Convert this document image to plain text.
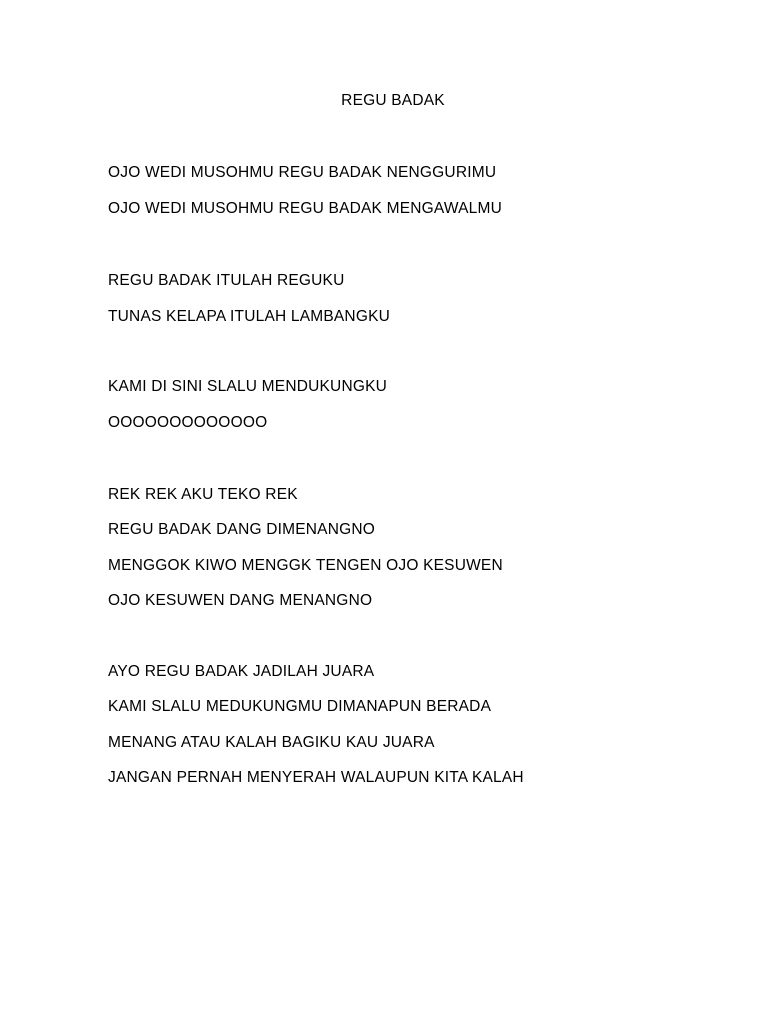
REGU BADAK
OJO WEDI MUSOHMU REGU BADAK NENGGURIMU
OJO WEDI MUSOHMU REGU BADAK MENGAWALMU
REGU BADAK ITULAH REGUKU
TUNAS KELAPA ITULAH LAMBANGKU
KAMI DI SINI SLALU MENDUKUNGKU
OOOOOOOOOOOOO
REK REK AKU TEKO REK
REGU BADAK DANG DIMENANGNO
MENGGOK KIWO MENGGK TENGEN OJO KESUWEN
OJO KESUWEN DANG MENANGNO
AYO REGU BADAK JADILAH JUARA
KAMI SLALU MEDUKUNGMU DIMANAPUN BERADA
MENANG ATAU KALAH BAGIKU KAU JUARA
JANGAN PERNAH MENYERAH WALAUPUN KITA KALAH
